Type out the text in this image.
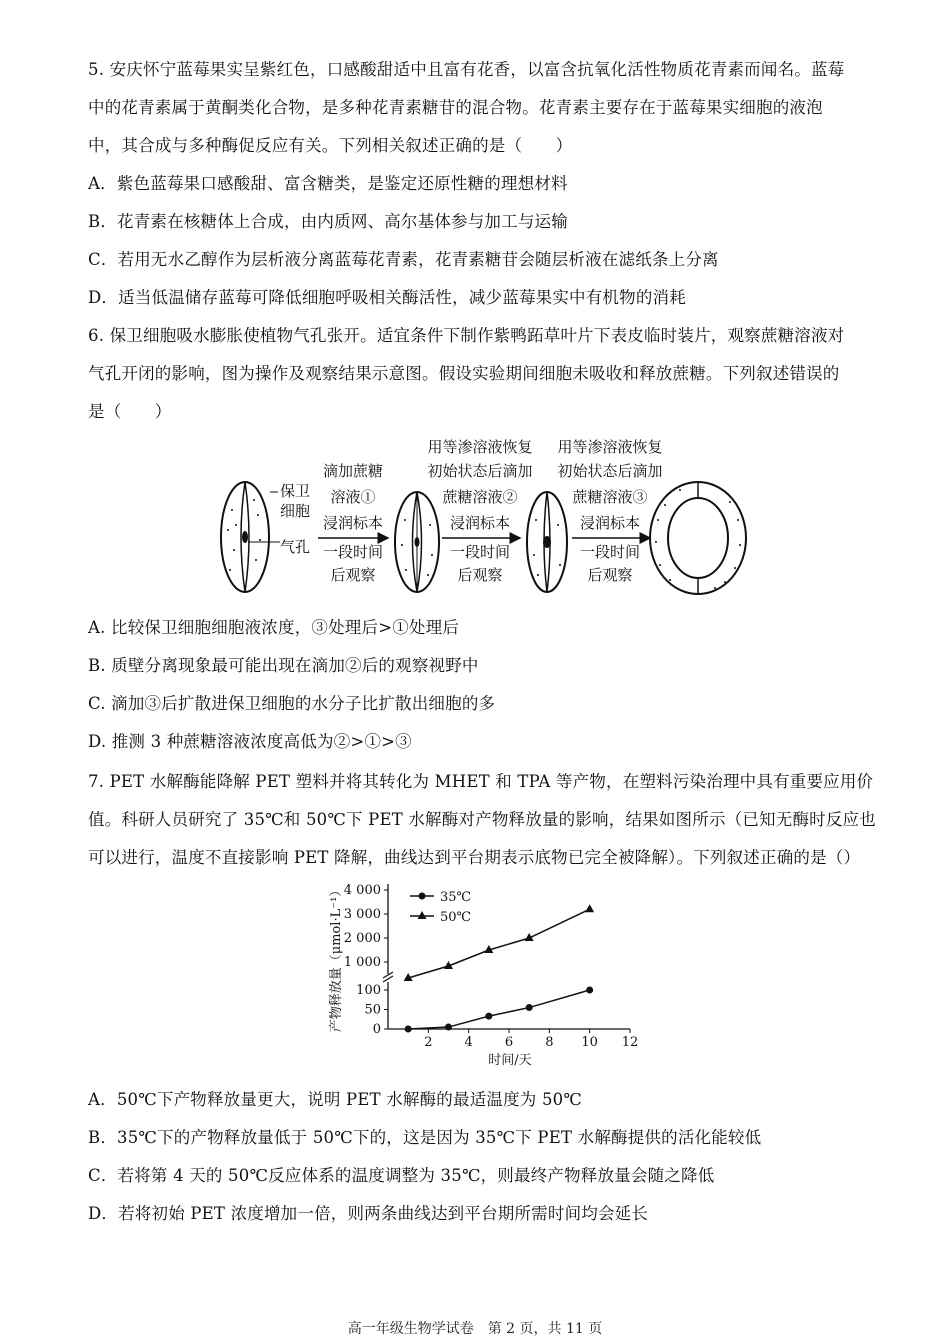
5. 安庆怀宁蓝莓果实呈紫红色，口感酸甜适中且富有花香，以富含抗氧化活性物质花青素而闻名。蓝莓
中的花青素属于黄酮类化合物，是多种花青素糖苷的混合物。花青素主要存在于蓝莓果实细胞的液泡
中，其合成与多种酶促反应有关。下列相关叙述正确的是（　　）
A．紫色蓝莓果口感酸甜、富含糖类，是鉴定还原性糖的理想材料
B．花青素在核糖体上合成，由内质网、高尔基体参与加工与运输
C．若用无水乙醇作为层析液分离蓝莓花青素，花青素糖苷会随层析液在滤纸条上分离
D．适当低温储存蓝莓可降低细胞呼吸相关酶活性，减少蓝莓果实中有机物的消耗
6. 保卫细胞吸水膨胀使植物气孔张开。适宜条件下制作紫鸭跖草叶片下表皮临时装片，观察蔗糖溶液对
气孔开闭的影响，图为操作及观察结果示意图。假设实验期间细胞未吸收和释放蔗糖。下列叙述错误的
是（　　）
保卫
细胞
气孔
滴加蔗糖
溶液①
浸润标本
一段时间
后观察
用等渗溶液恢复
初始状态后滴加
蔗糖溶液②
浸润标本
一段时间
后观察
用等渗溶液恢复
初始状态后滴加
蔗糖溶液③
浸润标本
一段时间
后观察
A. 比较保卫细胞细胞液浓度，③处理后>①处理后
B. 质壁分离现象最可能出现在滴加②后的观察视野中
C. 滴加③后扩散进保卫细胞的水分子比扩散出细胞的多
D. 推测 3 种蔗糖溶液浓度高低为②>①>③
7. PET 水解酶能降解 PET 塑料并将其转化为 MHET 和 TPA 等产物，在塑料污染治理中具有重要应用价
值。科研人员研究了 35℃和 50℃下 PET 水解酶对产物释放量的影响，结果如图所示（已知无酶时反应也
可以进行，温度不直接影响 PET 降解，曲线达到平台期表示底物已完全被降解）。下列叙述正确的是（）
产物释放量（μmol·L⁻¹）
2 4 6 8 10 12
0
50
100
1 000
2 000
3 000
4 000	35℃
50℃
时间/天
A．50℃下产物释放量更大，说明 PET 水解酶的最适温度为 50℃
B．35℃下的产物释放量低于 50℃下的，这是因为 35℃下 PET 水解酶提供的活化能较低
C．若将第 4 天的 50℃反应体系的温度调整为 35℃，则最终产物释放量会随之降低
D．若将初始 PET 浓度增加一倍，则两条曲线达到平台期所需时间均会延长
高一年级生物学试卷　第 2 页，共 11 页
